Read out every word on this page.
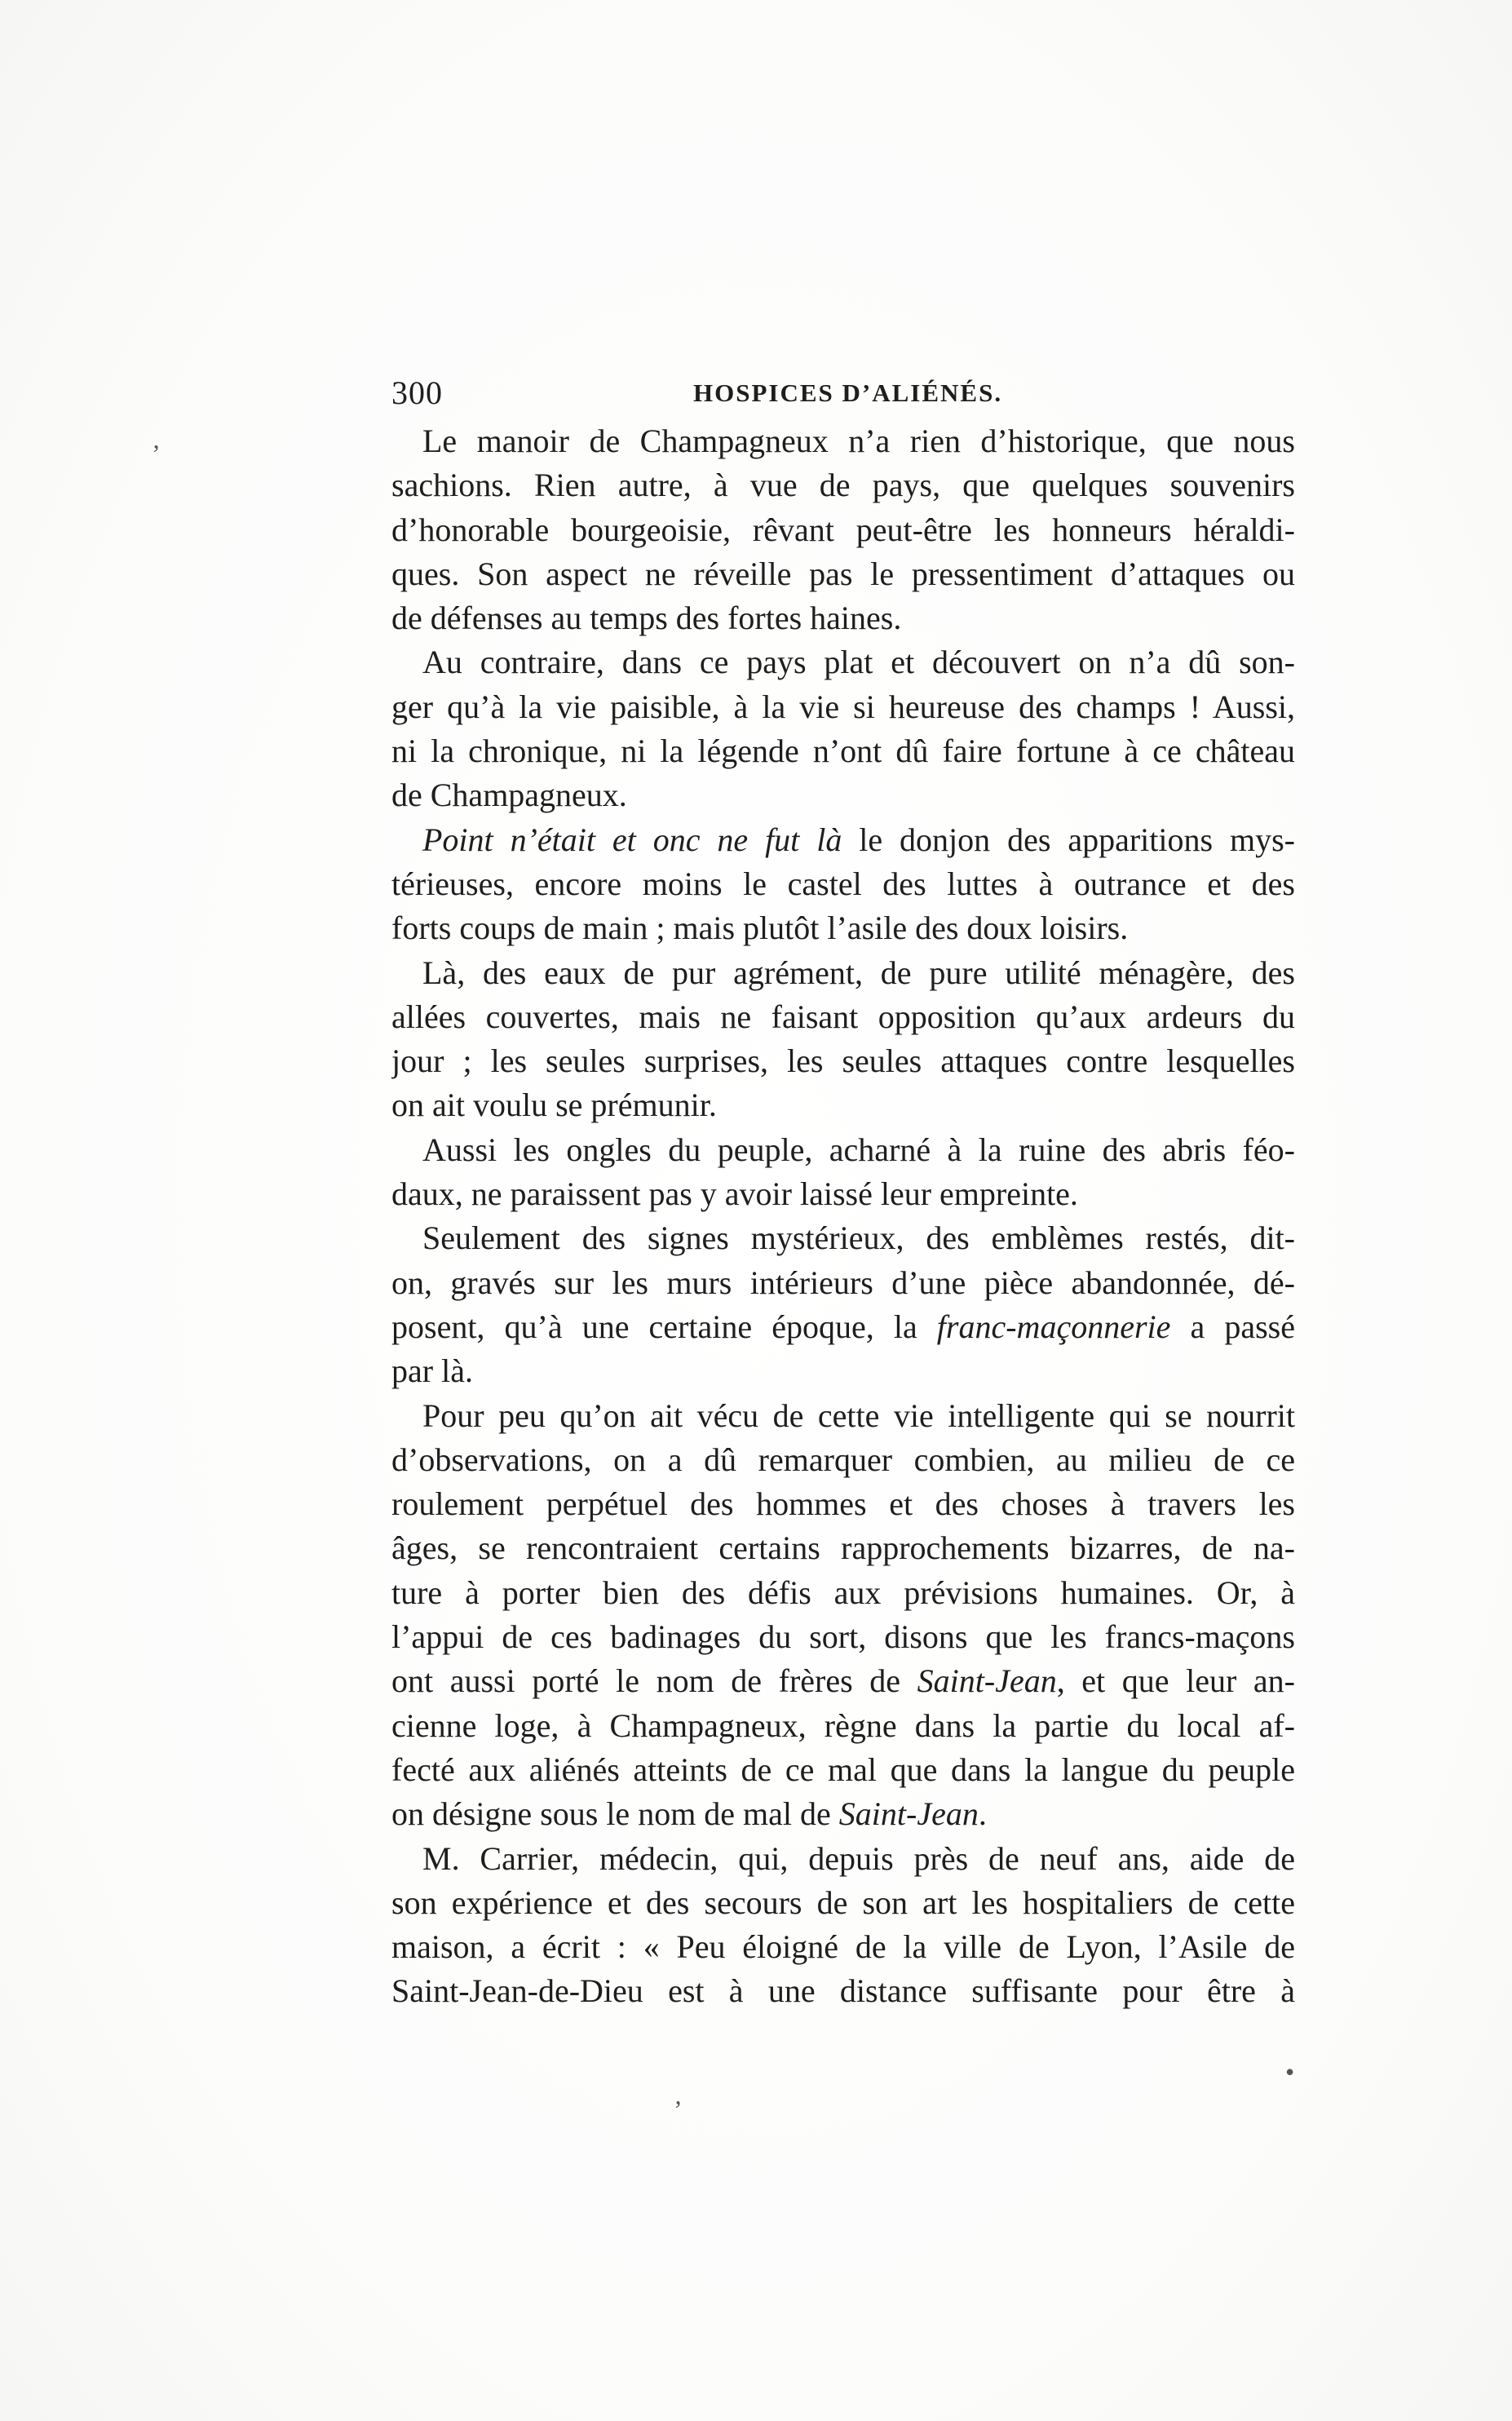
300	HOSPICES D’ALIÉNÉS.
Le manoir de Champagneux n’a rien d’historique, que nous
sachions. Rien autre, à vue de pays, que quelques souvenirs
d’honorable bourgeoisie, rêvant peut-être les honneurs héraldi-
ques. Son aspect ne réveille pas le pressentiment d’attaques ou
de défenses au temps des fortes haines.
Au contraire, dans ce pays plat et découvert on n’a dû son-
ger qu’à la vie paisible, à la vie si heureuse des champs ! Aussi,
ni la chronique, ni la légende n’ont dû faire fortune à ce château
de Champagneux.
Point n’était et onc ne fut là le donjon des apparitions mys-
térieuses, encore moins le castel des luttes à outrance et des
forts coups de main ; mais plutôt l’asile des doux loisirs.
Là, des eaux de pur agrément, de pure utilité ménagère, des
allées couvertes, mais ne faisant opposition qu’aux ardeurs du
jour ; les seules surprises, les seules attaques contre lesquelles
on ait voulu se prémunir.
Aussi les ongles du peuple, acharné à la ruine des abris féo-
daux, ne paraissent pas y avoir laissé leur empreinte.
Seulement des signes mystérieux, des emblèmes restés, dit-
on, gravés sur les murs intérieurs d’une pièce abandonnée, dé-
posent, qu’à une certaine époque, la franc-maçonnerie a passé
par là.
Pour peu qu’on ait vécu de cette vie intelligente qui se nourrit
d’observations, on a dû remarquer combien, au milieu de ce
roulement perpétuel des hommes et des choses à travers les
âges, se rencontraient certains rapprochements bizarres, de na-
ture à porter bien des défis aux prévisions humaines. Or, à
l’appui de ces badinages du sort, disons que les francs-maçons
ont aussi porté le nom de frères de Saint-Jean, et que leur an-
cienne loge, à Champagneux, règne dans la partie du local af-
fecté aux aliénés atteints de ce mal que dans la langue du peuple
on désigne sous le nom de mal de Saint-Jean.
M. Carrier, médecin, qui, depuis près de neuf ans, aide de
son expérience et des secours de son art les hospitaliers de cette
maison, a écrit : « Peu éloigné de la ville de Lyon, l’Asile de
Saint-Jean-de-Dieu est à une distance suffisante pour être à
ʼ
•
ʼ
